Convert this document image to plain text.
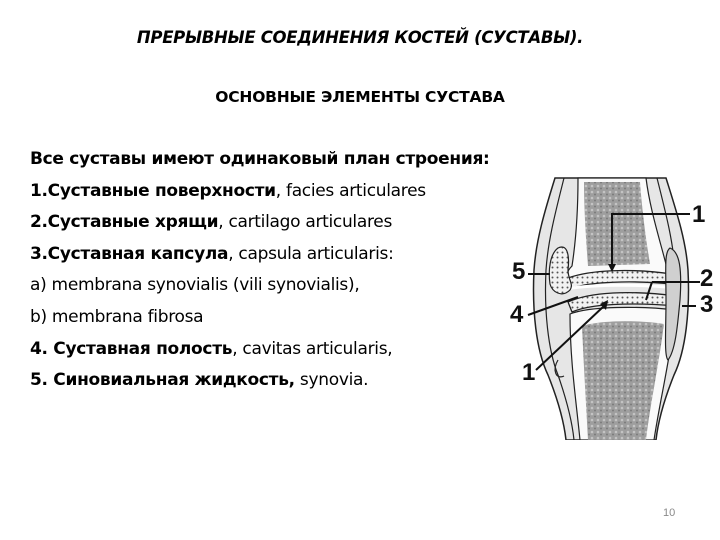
ПРЕРЫВНЫЕ СОЕДИНЕНИЯ КОСТЕЙ (СУСТАВЫ).
ОСНОВНЫЕ ЭЛЕМЕНТЫ СУСТАВА
Все суставы имеют одинаковый план строения:
1.Суставные поверхности, facies articulares
2.Суставные хрящи, cartilago articulares
3.Суставная капсула, capsula articularis:
a) membrana synovialis (vili synovialis),
b) membrana fibrosa
4. Суставная полость, cavitas articularis,
5. Синовиальная жидкость, synovia.
1
2
3
5
4
1
10
